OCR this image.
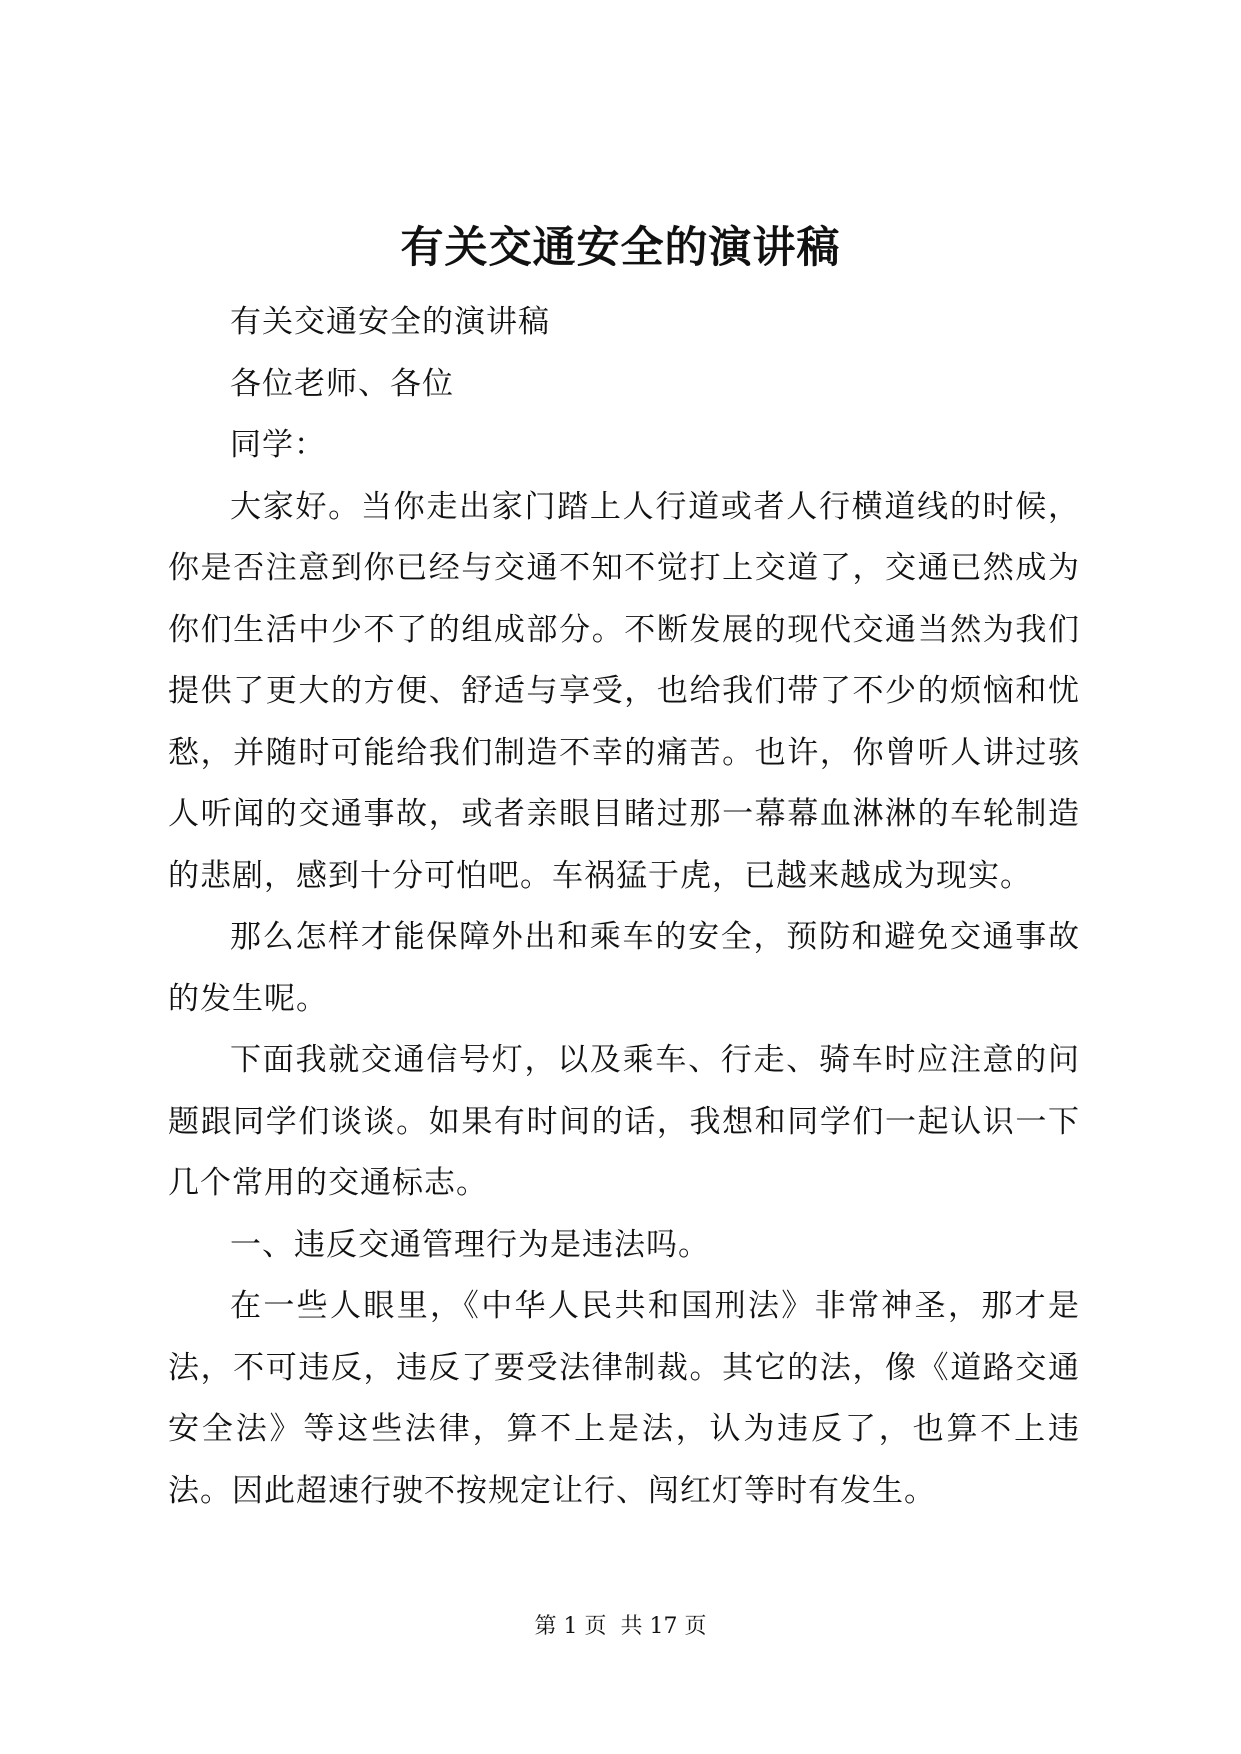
有关交通安全的演讲稿

有关交通安全的演讲稿

各位老师、各位

同学：

大家好。当你走出家门踏上人行道或者人行横道线的时候，你是否注意到你已经与交通不知不觉打上交道了，交通已然成为你们生活中少不了的组成部分。不断发展的现代交通当然为我们提供了更大的方便、舒适与享受，也给我们带了不少的烦恼和忧愁，并随时可能给我们制造不幸的痛苦。也许，你曾听人讲过骇人听闻的交通事故，或者亲眼目睹过那一幕幕血淋淋的车轮制造的悲剧，感到十分可怕吧。车祸猛于虎，已越来越成为现实。

那么怎样才能保障外出和乘车的安全，预防和避免交通事故的发生呢。

下面我就交通信号灯，以及乘车、行走、骑车时应注意的问题跟同学们谈谈。如果有时间的话，我想和同学们一起认识一下几个常用的交通标志。

一、违反交通管理行为是违法吗。

在一些人眼里，《中华人民共和国刑法》非常神圣，那才是法，不可违反，违反了要受法律制裁。其它的法，像《道路交通安全法》等这些法律，算不上是法，认为违反了，也算不上违法。因此超速行驶不按规定让行、闯红灯等时有发生。

第 1 页 共 17 页
